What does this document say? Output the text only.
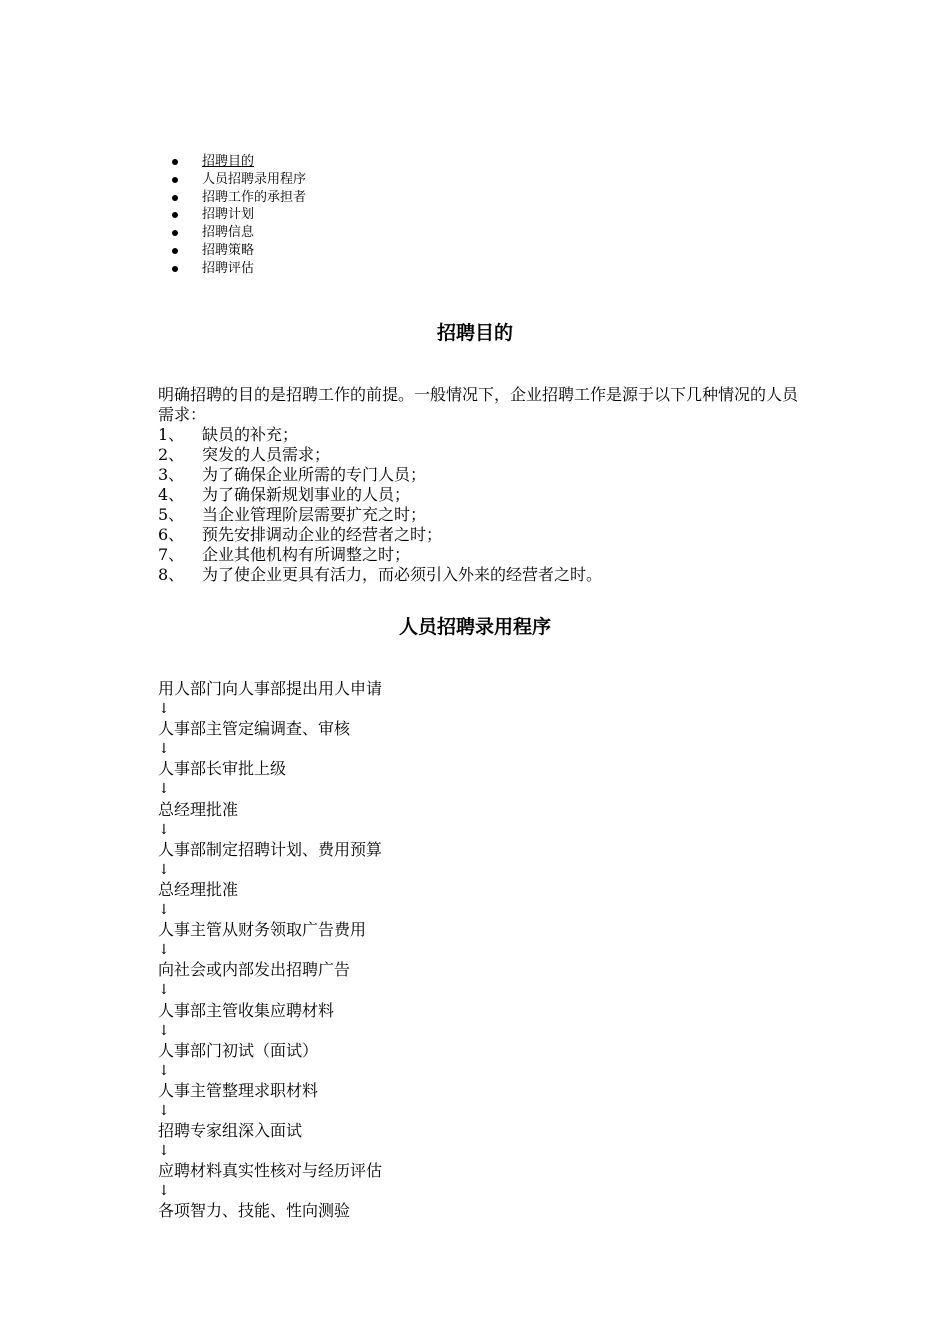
招聘目的
人员招聘录用程序
招聘工作的承担者
招聘计划
招聘信息
招聘策略
招聘评估
招聘目的

明确招聘的目的是招聘工作的前提。一般情况下，企业招聘工作是源于以下几种情况的人员需求：

1、 缺员的补充；
2、 突发的人员需求；
3、 为了确保企业所需的专门人员；
4、 为了确保新规划事业的人员；
5、 当企业管理阶层需要扩充之时；
6、 预先安排调动企业的经营者之时；
7、 企业其他机构有所调整之时；
8、 为了使企业更具有活力，而必须引入外来的经营者之时。
人员招聘录用程序
用人部门向人事部提出用人申请
↓
人事部主管定编调查、审核
↓
人事部长审批上级
↓
总经理批准
↓
人事部制定招聘计划、费用预算
↓
总经理批准
↓
人事主管从财务领取广告费用
↓
向社会或内部发出招聘广告
↓
人事部主管收集应聘材料
↓
人事部门初试（面试）
↓
人事主管整理求职材料
↓
招聘专家组深入面试
↓
应聘材料真实性核对与经历评估
↓
各项智力、技能、性向测验
